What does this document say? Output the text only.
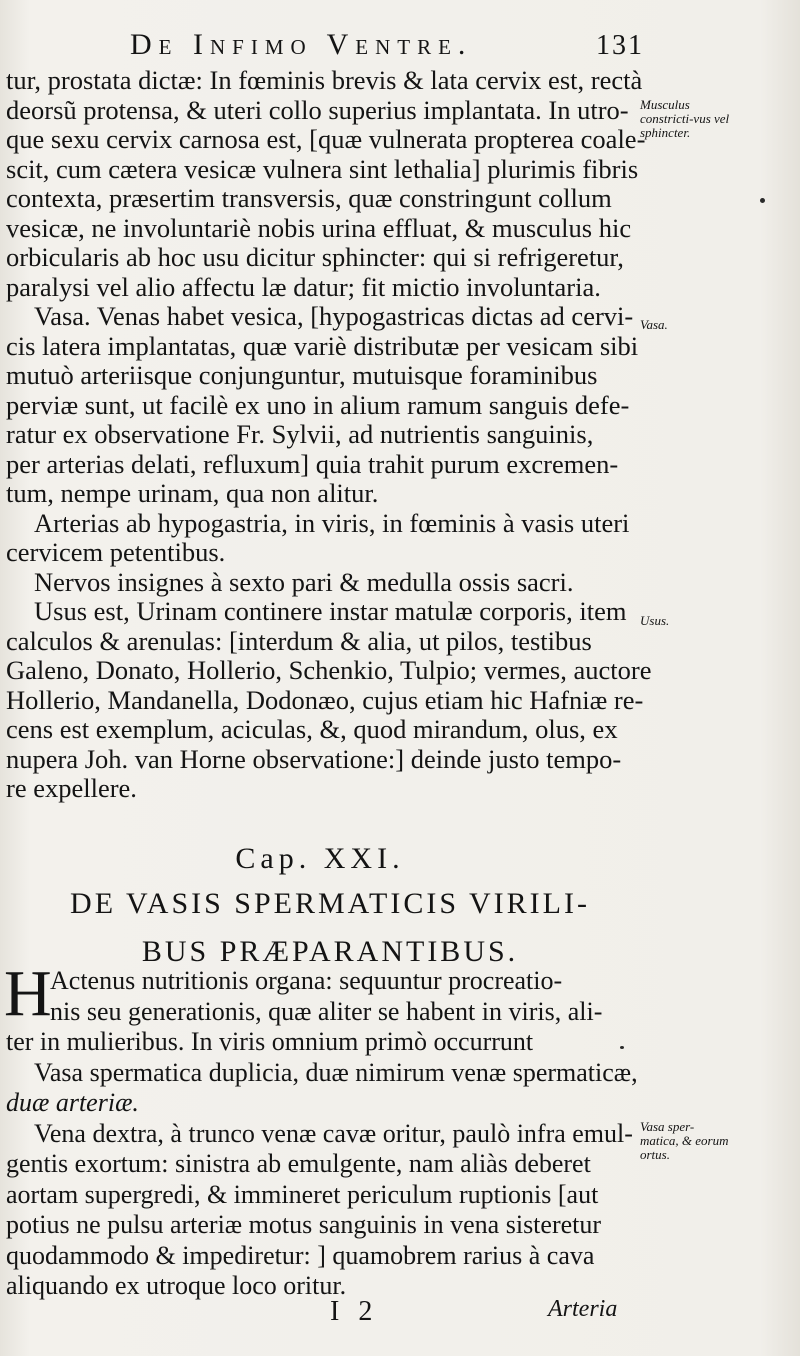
De Infimo Ventre.	131
tur, prostata dictæ: In fœminis brevis & lata cervix est, rectà
deorsũ protensa, & uteri collo superius implantata. In utro-
que sexu cervix carnosa est, [quæ vulnerata propterea coale-
scit, cum cætera vesicæ vulnera sint lethalia] plurimis fibris
contexta, præsertim transversis, quæ constringunt collum
vesicæ, ne involuntariè nobis urina effluat, & musculus hic
orbicularis ab hoc usu dicitur sphincter: qui si refrigeretur,
paralysi vel alio affectu læ datur; fit mictio involuntaria.
Vasa. Venas habet vesica, [hypogastricas dictas ad cervi-
cis latera implantatas, quæ variè distributæ per vesicam sibi
mutuò arteriisque conjunguntur, mutuisque foraminibus
perviæ sunt, ut facilè ex uno in alium ramum sanguis defe-
ratur ex observatione Fr. Sylvii, ad nutrientis sanguinis,
per arterias delati, refluxum] quia trahit purum excremen-
tum, nempe urinam, qua non alitur.
Arterias ab hypogastria, in viris, in fœminis à vasis uteri
cervicem petentibus.
Nervos insignes à sexto pari & medulla ossis sacri.
Usus est, Urinam continere instar matulæ corporis, item
calculos & arenulas: [interdum & alia, ut pilos, testibus
Galeno, Donato, Hollerio, Schenkio, Tulpio; vermes, auctore
Hollerio, Mandanella, Dodonæo, cujus etiam hic Hafniæ re-
cens est exemplum, aciculas, &, quod mirandum, olus, ex
nupera Joh. van Horne observatione:] deinde justo tempo-
re expellere.
Musculus constricti-vus vel sphincter.
Vasa.
Usus.
Vasa sper-matica, & eorum ortus.
Cap. XXI.
DE VASIS SPERMATICIS VIRILI-
BUS PRÆPARANTIBUS.
H
Actenus nutritionis organa: sequuntur procreatio-
nis seu generationis, quæ aliter se habent in viris, ali-
ter in mulieribus. In viris omnium primò occurrunt
Vasa spermatica duplicia, duæ nimirum venæ spermaticæ,
duæ arteriæ.
Vena dextra, à trunco venæ cavæ oritur, paulò infra emul-
gentis exortum: sinistra ab emulgente, nam aliàs deberet
aortam supergredi, & immineret periculum ruptionis [aut
potius ne pulsu arteriæ motus sanguinis in vena sisteretur
quodammodo & impediretur: ] quamobrem rarius à cava
aliquando ex utroque loco oritur.
I 2	Arteria
